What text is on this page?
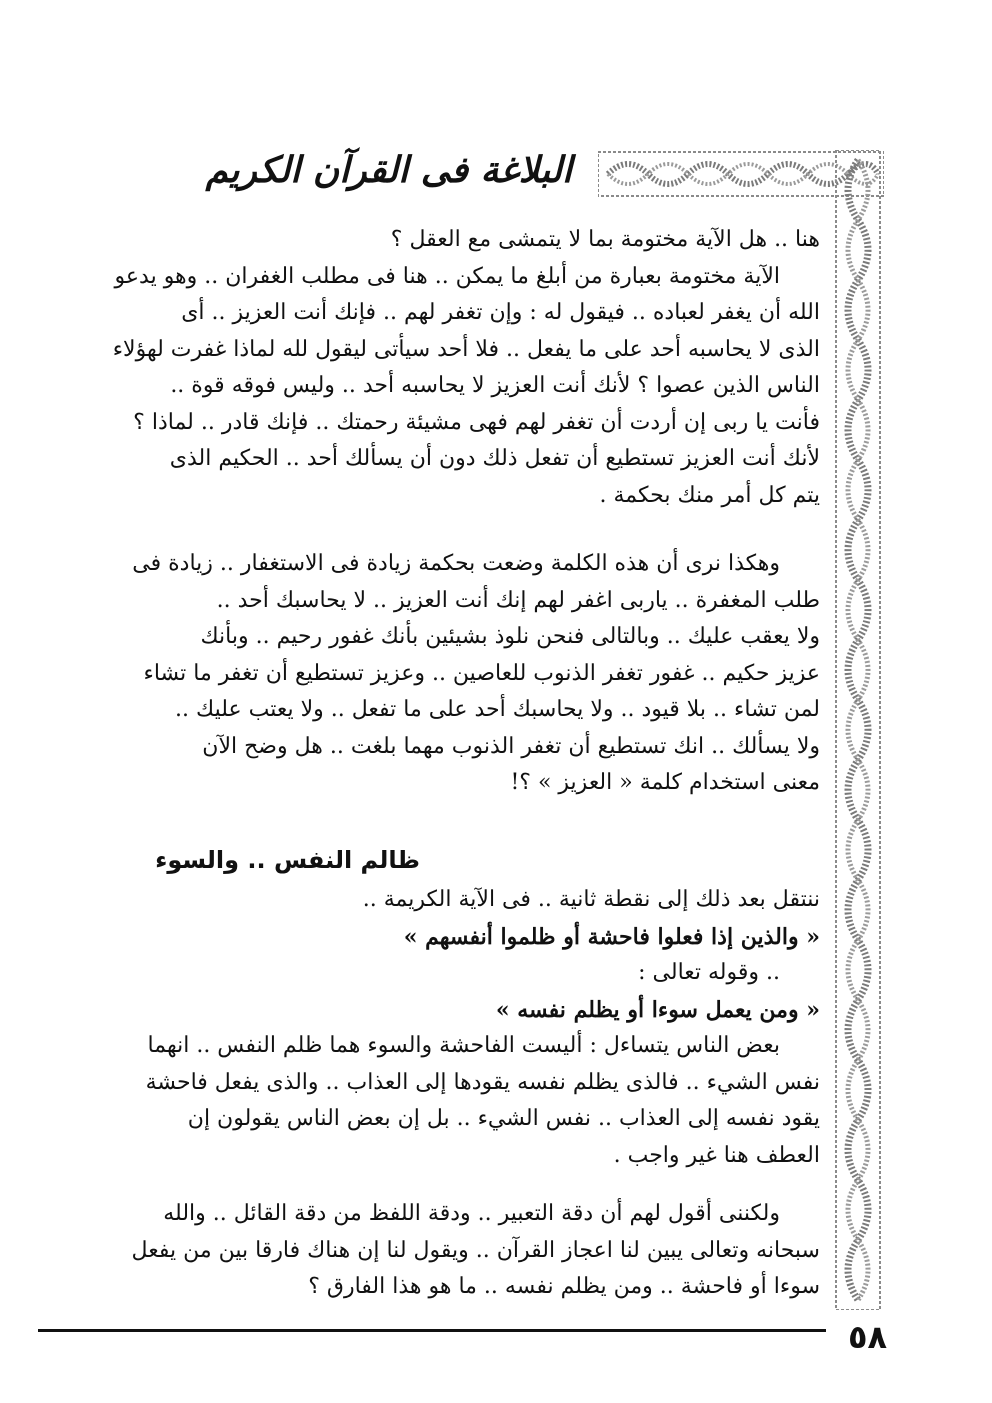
البلاغة فى القرآن الكريم
هنا .. هل الآية مختومة بما لا يتمشى مع العقل ؟
الآية مختومة بعبارة من أبلغ ما يمكن .. هنا فى مطلب الغفران .. وهو يدعو
الله أن يغفر لعباده .. فيقول له : وإن تغفر لهم .. فإنك أنت العزيز .. أى
الذى لا يحاسبه أحد على ما يفعل .. فلا أحد سيأتى ليقول لله لماذا غفرت لهؤلاء
الناس الذين عصوا ؟ لأنك أنت العزيز لا يحاسبه أحد .. وليس فوقه قوة ..
فأنت يا ربى إن أردت أن تغفر لهم فهى مشيئة رحمتك .. فإنك قادر .. لماذا ؟
لأنك أنت العزيز تستطيع أن تفعل ذلك دون أن يسألك أحد .. الحكيم الذى
يتم كل أمر منك بحكمة .
وهكذا نرى أن هذه الكلمة وضعت بحكمة زيادة فى الاستغفار .. زيادة فى
طلب المغفرة .. ياربى اغفر لهم إنك أنت العزيز .. لا يحاسبك أحد ..
ولا يعقب عليك .. وبالتالى فنحن نلوذ بشيئين بأنك غفور رحيم .. وبأنك
عزيز حكيم .. غفور تغفر الذنوب للعاصين .. وعزيز تستطيع أن تغفر ما تشاء
لمن تشاء .. بلا قيود .. ولا يحاسبك أحد على ما تفعل .. ولا يعتب عليك ..
ولا يسألك .. انك تستطيع أن تغفر الذنوب مهما بلغت .. هل وضح الآن
معنى استخدام كلمة « العزيز » ؟!
ظالم النفس .. والسوء
ننتقل بعد ذلك إلى نقطة ثانية .. فى الآية الكريمة ..
« والذين إذا فعلوا فاحشة أو ظلموا أنفسهم »
.. وقوله تعالى :
« ومن يعمل سوءا أو يظلم نفسه »
بعض الناس يتساءل : أليست الفاحشة والسوء هما ظلم النفس .. انهما
نفس الشيء .. فالذى يظلم نفسه يقودها إلى العذاب .. والذى يفعل فاحشة
يقود نفسه إلى العذاب .. نفس الشيء .. بل إن بعض الناس يقولون إن
العطف هنا غير واجب .
ولكننى أقول لهم أن دقة التعبير .. ودقة اللفظ من دقة القائل .. والله
سبحانه وتعالى يبين لنا اعجاز القرآن .. ويقول لنا إن هناك فارقا بين من يفعل
سوءا أو فاحشة .. ومن يظلم نفسه .. ما هو هذا الفارق ؟
٥٨
